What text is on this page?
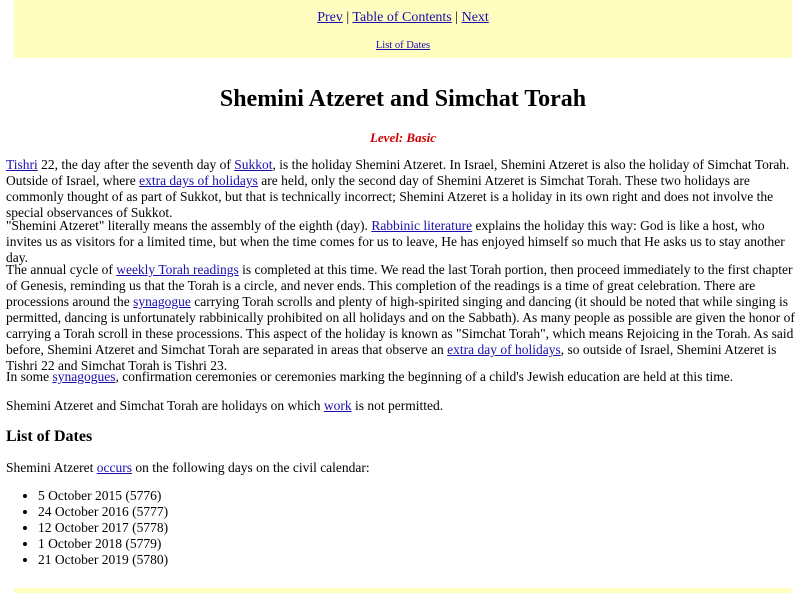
Prev | Table of Contents | Next
List of Dates
Shemini Atzeret and Simchat Torah
Level: Basic

Tishri 22, the day after the seventh day of Sukkot, is the holiday Shemini Atzeret. In Israel, Shemini Atzeret is also the holiday of Simchat Torah. Outside of Israel, where extra days of holidays are held, only the second day of Shemini Atzeret is Simchat Torah. These two holidays are commonly thought of as part of Sukkot, but that is technically incorrect; Shemini Atzeret is a holiday in its own right and does not involve the special observances of Sukkot.

"Shemini Atzeret" literally means the assembly of the eighth (day). Rabbinic literature explains the holiday this way: God is like a host, who invites us as visitors for a limited time, but when the time comes for us to leave, He has enjoyed himself so much that He asks us to stay another day.

The annual cycle of weekly Torah readings is completed at this time. We read the last Torah portion, then proceed immediately to the first chapter of Genesis, reminding us that the Torah is a circle, and never ends. This completion of the readings is a time of great celebration. There are processions around the synagogue carrying Torah scrolls and plenty of high-spirited singing and dancing (it should be noted that while singing is permitted, dancing is unfortunately rabbinically prohibited on all holidays and on the Sabbath). As many people as possible are given the honor of carrying a Torah scroll in these processions. This aspect of the holiday is known as "Simchat Torah", which means Rejoicing in the Torah. As said before, Shemini Atzeret and Simchat Torah are separated in areas that observe an extra day of holidays, so outside of Israel, Shemini Atzeret is Tishri 22 and Simchat Torah is Tishri 23.

In some synagogues, confirmation ceremonies or ceremonies marking the beginning of a child's Jewish education are held at this time.

Shemini Atzeret and Simchat Torah are holidays on which work is not permitted.

List of Dates

Shemini Atzeret occurs on the following days on the civil calendar:

• 5 October 2015 (5776)
• 24 October 2016 (5777)
• 12 October 2017 (5778)
• 1 October 2018 (5779)
• 21 October 2019 (5780)
